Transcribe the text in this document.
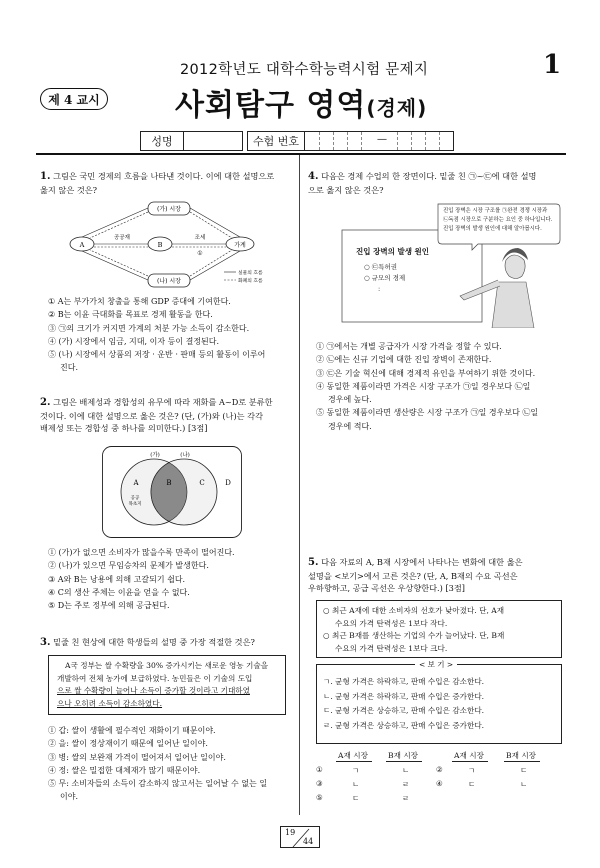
2012학년도 대학수학능력시험 문제지	1
제 4 교시	사회탐구 영역(경제)
성명	수험 번호	—
1. 그림은 국민 경제의 흐름을 나타낸 것이다. 이에 대한 설명으로
옳지 않은 것은?
(가) 시장
(나) 시장
A	B	가계
공공재	조세
①
실물의 흐름
화폐의 흐름
① A는 부가가치 창출을 통해 GDP 증대에 기여한다.
② B는 이윤 극대화를 목표로 경제 활동을 한다.
③ ㉠의 크기가 커지면 가계의 처분 가능 소득이 감소한다.
④ (가) 시장에서 임금, 지대, 이자 등이 결정된다.
⑤ (나) 시장에서 상품의 저장 · 운반 · 판매 등의 활동이 이루어
진다.
2. 그림은 배제성과 경합성의 유무에 따라 재화를 A~D로 분류한
것이다. 이에 대한 설명으로 옳은 것은? (단, (가)와 (나)는 각각
배제성 또는 경합성 중 하나를 의미한다.) [3점]
(가)	(나)
A	B	C	D
공공
목초지
① (가)가 없으면 소비자가 많을수록 만족이 떨어진다.
② (나)가 있으면 무임승차의 문제가 발생한다.
③ A와 B는 낭용에 의해 고갈되기 쉽다.
④ C의 생산 주체는 이윤을 얻을 수 없다.
⑤ D는 주로 정부에 의해 공급된다.
3. 밑줄 친 현상에 대한 학생들의 설명 중 가장 적절한 것은?
A국 정부는 쌀 수확량을 30% 증가시키는 새로운 영농 기술을
개발하여 전체 농가에 보급하였다. 농민들은 이 기술의 도입
으로 쌀 수확량이 늘어나 소득이 증가할 것이라고 기대하였
으나 오히려 소득이 감소하였다.
① 갑: 쌀이 생활에 필수적인 재화이기 때문이야.
② 을: 쌀이 정상재이기 때문에 일어난 일이야.
③ 병: 쌀의 보완재 가격이 떨어져서 일어난 일이야.
④ 정: 쌀은 밀접한 대체재가 많기 때문이야.
⑤ 무: 소비자들의 소득이 감소하지 않고서는 일어날 수 없는 일
이야.
4. 다음은 경제 수업의 한 장면이다. 밑줄 친 ㉠~㉢에 대한 설명
으로 옳지 않은 것은?
진입 장벽은 시장 구조를 ㉠완전 경쟁 시장과
㉡독점 시장으로 구분하는 요인 중 하나입니다.
진입 장벽의 발생 원인에 대해 알아봅시다.
진입 장벽의 발생 원인
○ ㉢특허권
○ 규모의 경제
:
① ㉠에서는 개별 공급자가 시장 가격을 정할 수 있다.
② ㉡에는 신규 기업에 대한 진입 장벽이 존재한다.
③ ㉢은 기술 혁신에 대해 경제적 유인을 부여하기 위한 것이다.
④ 동일한 제품이라면 가격은 시장 구조가 ㉠일 경우보다 ㉡일
경우에 높다.
⑤ 동일한 제품이라면 생산량은 시장 구조가 ㉠일 경우보다 ㉡일
경우에 적다.
5. 다음 자료의 A, B재 시장에서 나타나는 변화에 대한 옳은
설명을 <보기>에서 고른 것은? (단, A, B재의 수요 곡선은
우하향하고, 공급 곡선은 우상향한다.) [3점]
○ 최근 A재에 대한 소비자의 선호가 낮아졌다. 단, A재
수요의 가격 탄력성은 1보다 작다.
○ 최근 B재를 생산하는 기업의 수가 늘어났다. 단, B재
수요의 가격 탄력성은 1보다 크다.
< 보 기 >
ㄱ. 균형 가격은 하락하고, 판매 수입은 감소한다.
ㄴ. 균형 가격은 하락하고, 판매 수입은 증가한다.
ㄷ. 균형 가격은 상승하고, 판매 수입은 감소한다.
ㄹ. 균형 가격은 상승하고, 판매 수입은 증가한다.
A재 시장	B재 시장	A재 시장	B재 시장
①	ㄱ	ㄴ	②	ㄱ	ㄷ
③	ㄴ	ㄹ	④	ㄷ	ㄴ
⑤	ㄷ	ㄹ
19
44
